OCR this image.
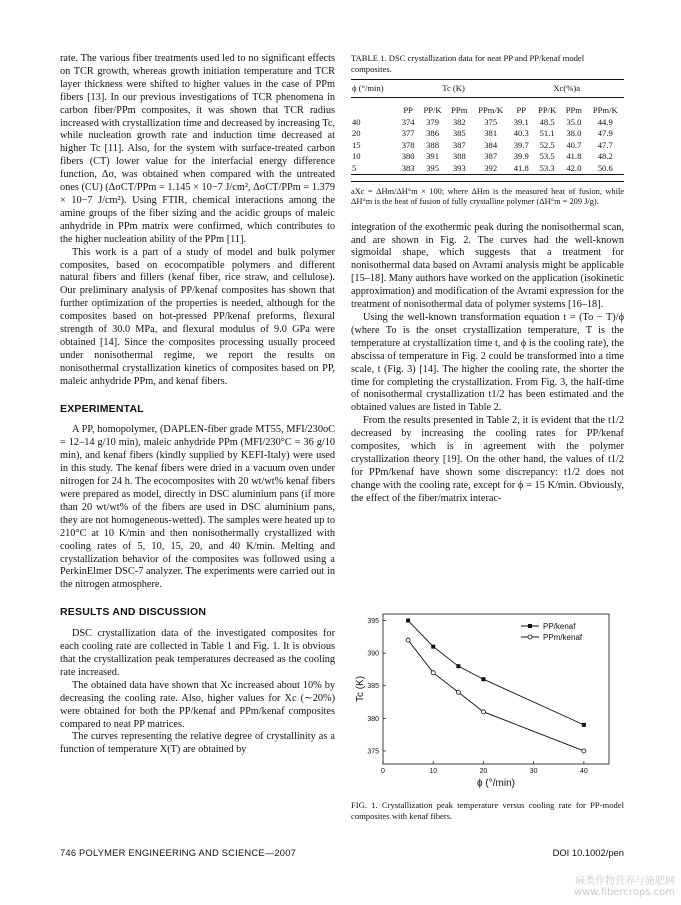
rate. The various fiber treatments used led to no significant effects on TCR growth, whereas growth initiation temperature and TCR layer thickness were shifted to higher values in the case of PPm fibers [13]. In our previous investigations of TCR phenomena in carbon fiber/PPm composites, it was shown that TCR radius increased with crystallization time and decreased by increasing Tc, while nucleation growth rate and induction time decreased at higher Tc [11]. Also, for the system with surface-treated carbon fibers (CT) lower value for the interfacial energy difference function, Δσ, was obtained when compared with the untreated ones (CU) (ΔσCT/PPm = 1.145 × 10−7 J/cm², ΔσCT/PPm = 1.379 × 10−7 J/cm²). Using FTIR, chemical interactions among the amine groups of the fiber sizing and the acidic groups of maleic anhydride in PPm matrix were confirmed, which contributes to the higher nucleation ability of the PPm [11].

This work is a part of a study of model and bulk polymer composites, based on ecocompatible polymers and different natural fibers and fillers (kenaf fiber, rice straw, and cellulose). Our preliminary analysis of PP/kenaf composites has shown that further optimization of the properties is needed, although for the composites based on hot-pressed PP/kenaf preforms, flexural strength of 30.0 MPa, and flexural modulus of 9.0 GPa were obtained [14]. Since the composites processing usually proceed under nonisothermal regime, we report the results on nonisothermal crystallization kinetics of composites based on PP, maleic anhydride PPm, and kenaf fibers.

EXPERIMENTAL

A PP, homopolymer, (DAPLEN-fiber grade MT55, MFI/230oC = 12–14 g/10 min), maleic anhydride PPm (MFI/230°C = 36 g/10 min), and kenaf fibers (kindly supplied by KEFI-Italy) were used in this study. The kenaf fibers were dried in a vacuum oven under nitrogen for 24 h. The ecocomposites with 20 wt/wt% kenaf fibers were prepared as model, directly in DSC aluminium pans (if more than 20 wt/wt% of the fibers are used in DSC aluminium pans, they are not homogeneous-wetted). The samples were heated up to 210°C at 10 K/min and then nonisothermally crystallized with cooling rates of 5, 10, 15, 20, and 40 K/min. Melting and crystallization behavior of the composites was followed using a PerkinElmer DSC-7 analyzer. The experiments were carried out in the nitrogen atmosphere.

RESULTS AND DISCUSSION

DSC crystallization data of the investigated composites for each cooling rate are collected in Table 1 and Fig. 1. It is obvious that the crystallization peak temperatures decreased as the cooling rate increased.

The obtained data have shown that Xc increased about 10% by decreasing the cooling rate. Also, higher values for Xc (∼20%) were obtained for both the PP/kenaf and PPm/kenaf composites compared to neat PP matrices.

The curves representing the relative degree of crystallinity as a function of temperature X(T) are obtained by

TABLE 1. DSC crystallization data for neat PP and PP/kenaf model composites.
ϕ (°/min)	Tc (K)				Xc(%)a			
	PP	PP/K	PPm	PPm/K	PP	PP/K	PPm	PPm/K
40	374	379	382	375	39.1	48.5	35.0	44.9
20	377	386	385	381	40.3	51.1	38.0	47.9
15	378	388	387	384	39.7	52.5	40.7	47.7
10	380	391	388	387	39.9	53.5	41.8	48.2
5	383	395	393	392	41.8	53.3	42.0	50.6
aXc = ΔHm/ΔH°m × 100; where ΔHm is the measured heat of fusion, while ΔH°m is the heat of fusion of fully crystalline polymer (ΔH°m = 209 J/g).

integration of the exothermic peak during the nonisothermal scan, and are shown in Fig. 2. The curves had the well-known sigmoidal shape, which suggests that a treatment for nonisothermal data based on Avrami analysis might be applicable [15–18]. Many authors have worked on the application (isokinetic approximation) and modification of the Avrami expression for the treatment of nonisothermal data of polymer systems [16–18].

Using the well-known transformation equation t = (To − T)/ϕ (where To is the onset crystallization temperature, T is the temperature at crystallization time t, and ϕ is the cooling rate), the abscissa of temperature in Fig. 2 could be transformed into a time scale, t (Fig. 3) [14]. The higher the cooling rate, the shorter the time for completing the crystallization. From Fig. 3, the half-time of nonisothermal crystallization t1/2 has been estimated and the obtained values are listed in Table 2.

From the results presented in Table 2, it is evident that the t1/2 decreased by increasing the cooling rates for PP/kenaf composites, which is in agreement with the polymer crystallization theory [19]. On the other hand, the values of t1/2 for PPm/kenaf have shown some discrepancy: t1/2 does not change with the cooling rate, except for ϕ = 15 K/min. Obviously, the effect of the fiber/matrix interac-

0	10	20	30	40
375
380
385
390
395
ϕ (°/min)
Tc (K)
PP/kenaf
PPm/kenaf
FIG. 1. Crystallization peak temperature versus cooling rate for PP-model composites with kenaf fibers.
746 POLYMER ENGINEERING AND SCIENCE—2007	DOI 10.1002/pen
麻类作物营养与施肥网
www.fibercrops.com
